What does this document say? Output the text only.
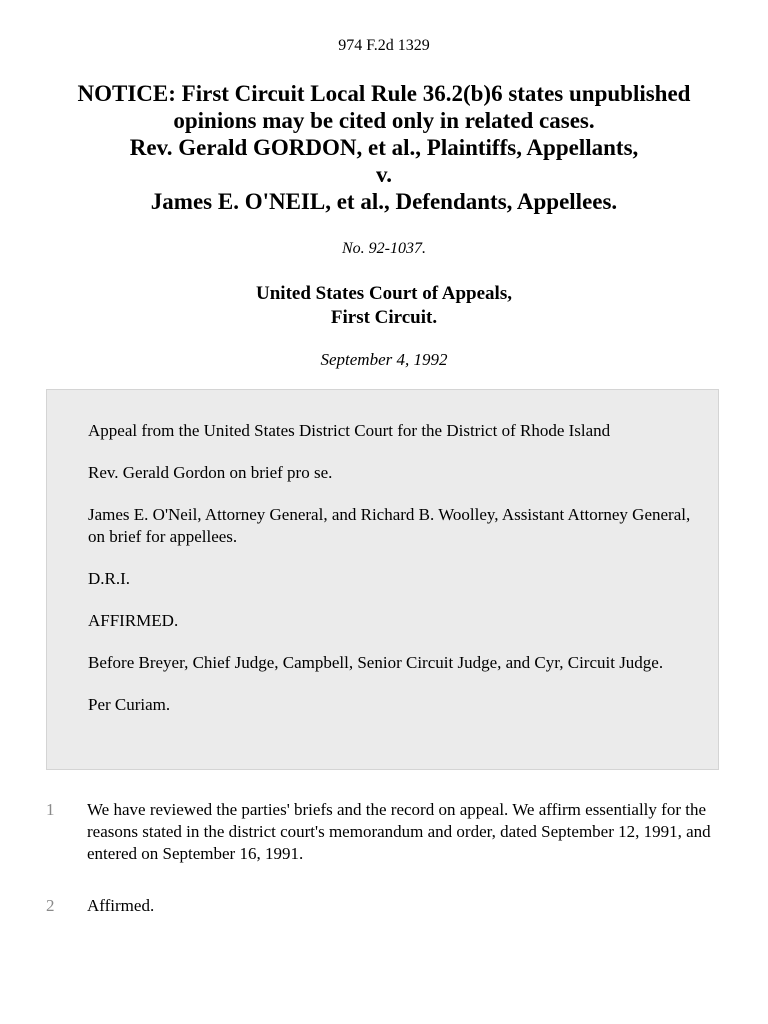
974 F.2d 1329
NOTICE: First Circuit Local Rule 36.2(b)6 states unpublished
opinions may be cited only in related cases.
Rev. Gerald GORDON, et al., Plaintiffs, Appellants,
v.
James E. O'NEIL, et al., Defendants, Appellees.
No. 92-1037.
United States Court of Appeals,
First Circuit.
September 4, 1992

Appeal from the United States District Court for the District of Rhode Island

Rev. Gerald Gordon on brief pro se.

James E. O'Neil, Attorney General, and Richard B. Woolley, Assistant Attorney General, on brief for appellees.

D.R.I.

AFFIRMED.

Before Breyer, Chief Judge, Campbell, Senior Circuit Judge, and Cyr, Circuit Judge.

Per Curiam.

1 We have reviewed the parties' briefs and the record on appeal. We affirm essentially for the reasons stated in the district court's memorandum and order, dated September 12, 1991, and entered on September 16, 1991.
2 Affirmed.
